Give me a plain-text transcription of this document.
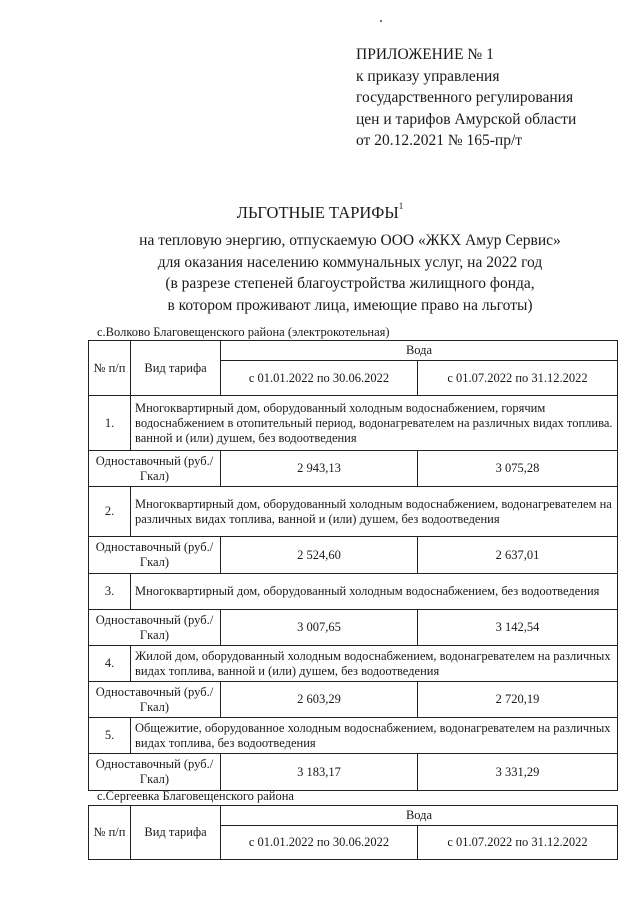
ПРИЛОЖЕНИЕ № 1
к приказу управления
государственного регулирования
цен и тарифов Амурской области
от 20.12.2021 № 165-пр/т
ЛЬГОТНЫЕ ТАРИФЫ$^1$
на тепловую энергию, отпускаемую ООО «ЖКХ Амур Сервис»
для оказания населению коммунальных услуг, на 2022 год
(в разрезе степеней благоустройства жилищного фонда,
в котором проживают лица, имеющие право на льготы)
с.Волково Благовещенского района (электрокотельная)
№ п/п	Вид тарифа	Вода	
		с 01.01.2022 по 30.06.2022	с 01.07.2022 по 31.12.2022
1.	Многоквартирный дом, оборудованный холодным водоснабжением, горячим водоснабжением в отопительный период, водонагревателем на различных видах топлива. ванной и (или) душем, без водоотведения		
Одноставочный (руб./Гкал)		2 943,13	3 075,28
2.	Многоквартирный дом, оборудованный холодным водоснабжением, водонагревателем на различных видах топлива, ванной и (или) душем, без водоотведения		
Одноставочный (руб./Гкал)		2 524,60	2 637,01
3.	Многоквартирный дом, оборудованный холодным водоснабжением, без водоотведения		
Одноставочный (руб./Гкал)		3 007,65	3 142,54
4.	Жилой дом, оборудованный холодным водоснабжением, водонагревателем на различных видах топлива, ванной и (или) душем, без водоотведения		
Одноставочный (руб./Гкал)		2 603,29	2 720,19
5.	Общежитие, оборудованное холодным водоснабжением, водонагревателем на различных видах топлива, без водоотведения		
Одноставочный (руб./Гкал)		3 183,17	3 331,29
с.Сергеевка Благовещенского района
№ п/п	Вид тарифа	Вода	
		с 01.01.2022 по 30.06.2022	с 01.07.2022 по 31.12.2022
